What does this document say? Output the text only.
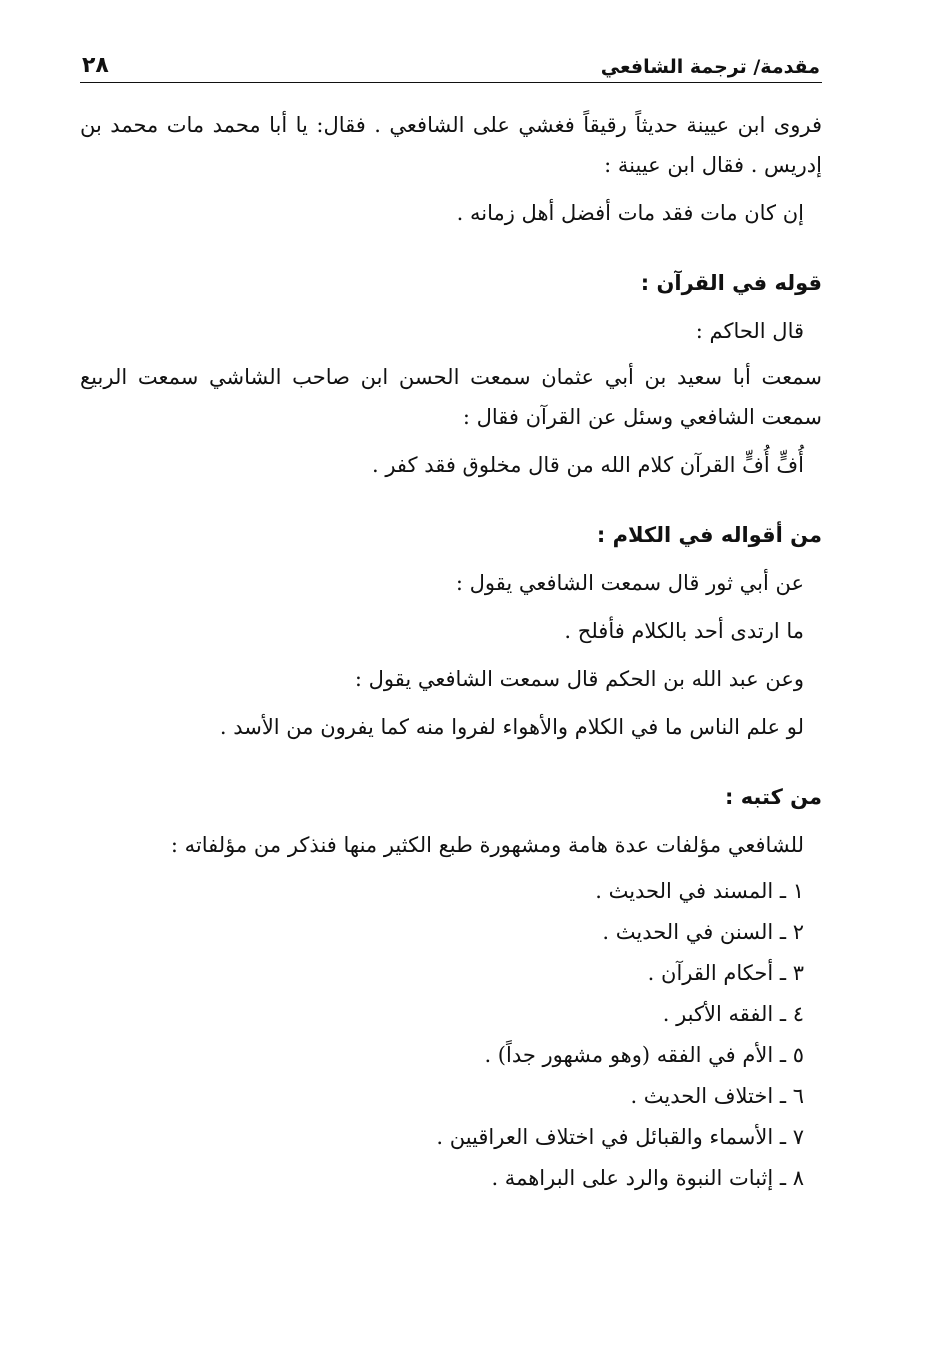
مقدمة/ ترجمة الشافعي
٢٨

فروى ابن عيينة حديثاً رقيقاً فغشي على الشافعي . فقال: يا أبا محمد مات محمد بن إدريس . فقال ابن عيينة :

إن كان مات فقد مات أفضل أهل زمانه .

قوله في القرآن :

قال الحاكم :

سمعت أبا سعيد بن أبي عثمان سمعت الحسن ابن صاحب الشاشي سمعت الربيع سمعت الشافعي وسئل عن القرآن فقال :

أُفٍّ أُفٍّ القرآن كلام الله من قال مخلوق فقد كفر .

من أقواله في الكلام :

عن أبي ثور قال سمعت الشافعي يقول :

ما ارتدى أحد بالكلام فأفلح .

وعن عبد الله بن الحكم قال سمعت الشافعي يقول :

لو علم الناس ما في الكلام والأهواء لفروا منه كما يفرون من الأسد .

من كتبه :

للشافعي مؤلفات عدة هامة ومشهورة طبع الكثير منها فنذكر من مؤلفاته :

١ ـ المسند في الحديث .
٢ ـ السنن في الحديث .
٣ ـ أحكام القرآن .
٤ ـ الفقه الأكبر .
٥ ـ الأم في الفقه (وهو مشهور جداً) .
٦ ـ اختلاف الحديث .
٧ ـ الأسماء والقبائل في اختلاف العراقيين .
٨ ـ إثبات النبوة والرد على البراهمة .
